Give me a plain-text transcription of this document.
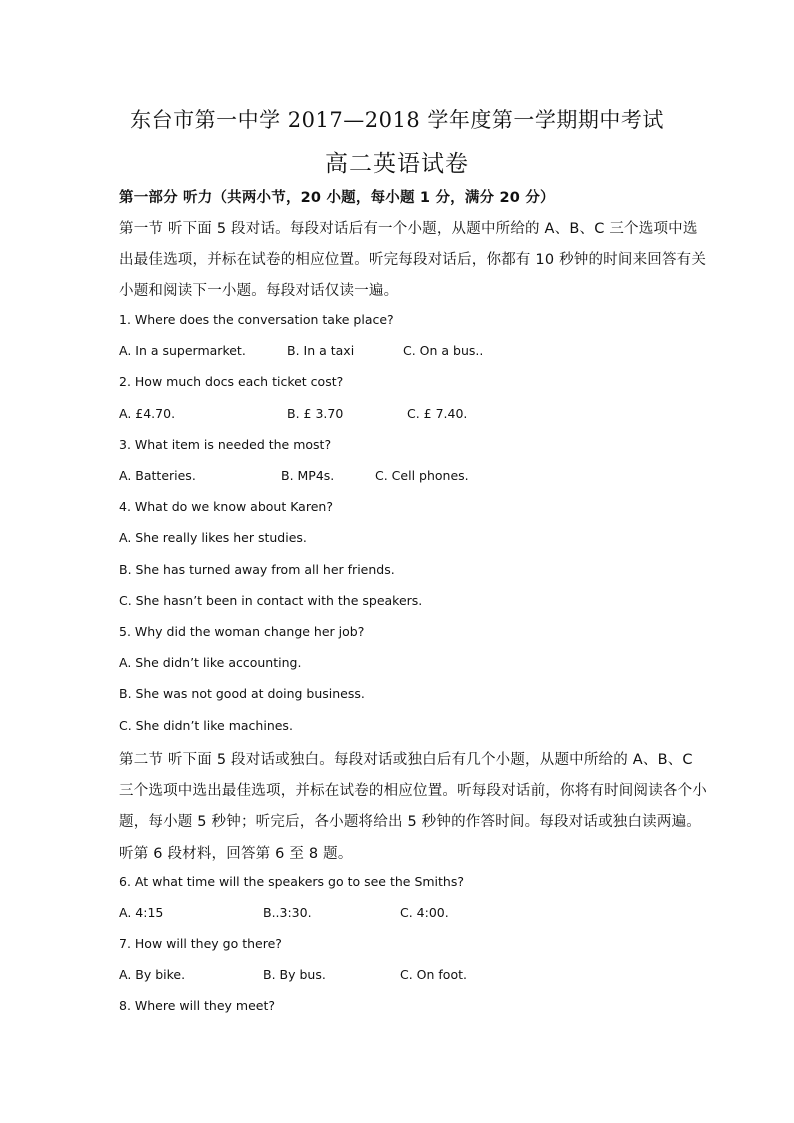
东台市第一中学 2017—2018 学年度第一学期期中考试
高二英语试卷
第一部分 听力（共两小节，20 小题，每小题 1 分，满分 20 分）
第一节 听下面 5 段对话。每段对话后有一个小题，从题中所给的 A、B、C 三个选项中选
出最佳选项，并标在试卷的相应位置。听完每段对话后，你都有 10 秒钟的时间来回答有关
小题和阅读下一小题。每段对话仅读一遍。
1. Where does the conversation take place?
A. In a supermarket.	B. In a taxi	C. On a bus..
2. How much docs each ticket cost?
A. £4.70.	B. £ 3.70	C. £ 7.40.
3. What item is needed the most?
A. Batteries.	B. MP4s.	C. Cell phones.
4. What do we know about Karen?
A. She really likes her studies.
B. She has turned away from all her friends.
C. She hasn’t been in contact with the speakers.
5. Why did the woman change her job?
A. She didn’t like accounting.
B. She was not good at doing business.
C. She didn’t like machines.
第二节 听下面 5 段对话或独白。每段对话或独白后有几个小题，从题中所给的 A、B、C
三个选项中选出最佳选项，并标在试卷的相应位置。听每段对话前，你将有时间阅读各个小
题，每小题 5 秒钟；听完后，各小题将给出 5 秒钟的作答时间。每段对话或独白读两遍。
听第 6 段材料，回答第 6 至 8 题。
6. At what time will the speakers go to see the Smiths?
A. 4:15	B..3:30.	C. 4:00.
7. How will they go there?
A. By bike.	B. By bus.	C. On foot.
8. Where will they meet?
